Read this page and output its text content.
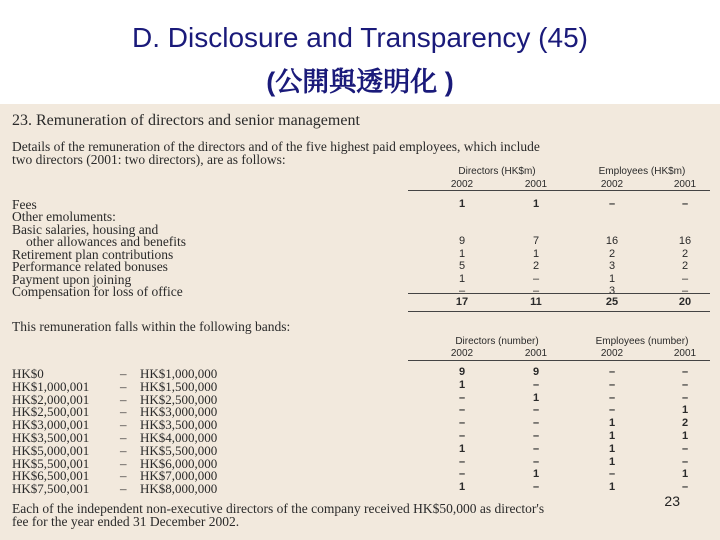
D. Disclosure and Transparency (45)
(公開與透明化 )
23. Remuneration of directors and senior management
Details of the remuneration of the directors and of the five highest paid employees, which include
two directors (2001: two directors), are as follows:
Directors (HK$m)	Employees (HK$m)
2002	2001	2002	2001
Fees	1	1	–	–
Other emoluments:
Basic salaries, housing and
other allowances and benefits	9	7	16	16
Retirement plan contributions	1	1	2	2
Performance related bonuses	5	2	3	2
Payment upon joining	1	–	1	–
Compensation for loss of office	–	–	3	–
17	11	25	20
This remuneration falls within the following bands:
Directors (number)	Employees (number)
2002	2001	2002	2001
HK$0	– HK$1,000,000	9	9	–	–
HK$1,000,001 – HK$1,500,000	1	–	–	–
HK$2,000,001 – HK$2,500,000	–	1	–	–
HK$2,500,001 – HK$3,000,000	–	–	–	1
HK$3,000,001 – HK$3,500,000	–	–	1	2
HK$3,500,001 – HK$4,000,000	–	–	1	1
HK$5,000,001 – HK$5,500,000	1	–	1	–
HK$5,500,001 – HK$6,000,000	–	–	1	–
HK$6,500,001 – HK$7,000,000	–	1	–	1
HK$7,500,001 – HK$8,000,000	1	–	1	–
Each of the independent non-executive directors of the company received HK$50,000 as director's
fee for the year ended 31 December 2002.
23
